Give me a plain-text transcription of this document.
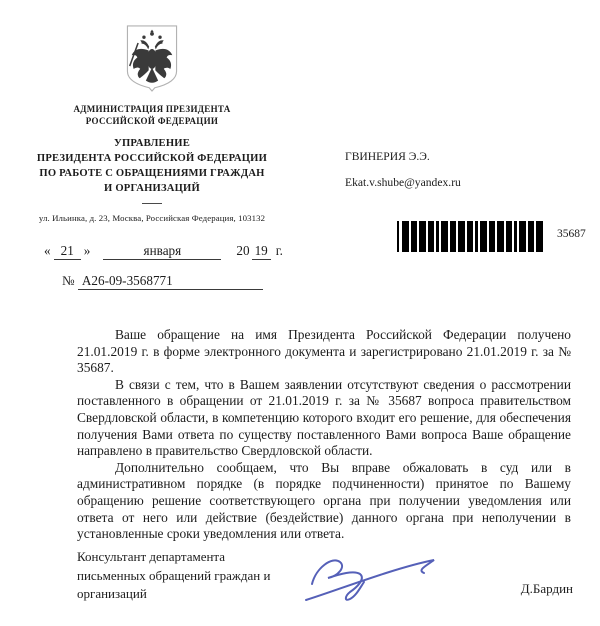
АДМИНИСТРАЦИЯ ПРЕЗИДЕНТА
РОССИЙСКОЙ ФЕДЕРАЦИИ
УПРАВЛЕНИЕ
ПРЕЗИДЕНТА РОССИЙСКОЙ ФЕДЕРАЦИИ
ПО РАБОТЕ С ОБРАЩЕНИЯМИ ГРАЖДАН
И ОРГАНИЗАЦИЙ
ул. Ильинка, д. 23, Москва, Российская Федерация, 103132
ГВИНЕРИЯ Э.Э.
Ekat.v.shube@yandex.ru
35687
« 21 »	января	20 19 г.
№ А26-09-3568771

Ваше обращение на имя Президента Российской Федерации получено 21.01.2019 г. в форме электронного документа и зарегистрировано 21.01.2019 г. за № 35687.

В связи с тем, что в Вашем заявлении отсутствуют сведения о рассмотрении поставленного в обращении от 21.01.2019 г. за № 35687 вопроса правительством Свердловской области, в компетенцию которого входит его решение, для обеспечения получения Вами ответа по существу поставленного Вами вопроса Ваше обращение направлено в правительство Свердловской области.

Дополнительно сообщаем, что Вы вправе обжаловать в суд или в административном порядке (в порядке подчиненности) принятое по Вашему обращению решение соответствующего органа при получении уведомления или ответа от него или действие (бездействие) данного органа при неполучении в установленные сроки уведомления или ответа.

Консультант департамента
письменных обращений граждан и
организаций	Д.Бардин
